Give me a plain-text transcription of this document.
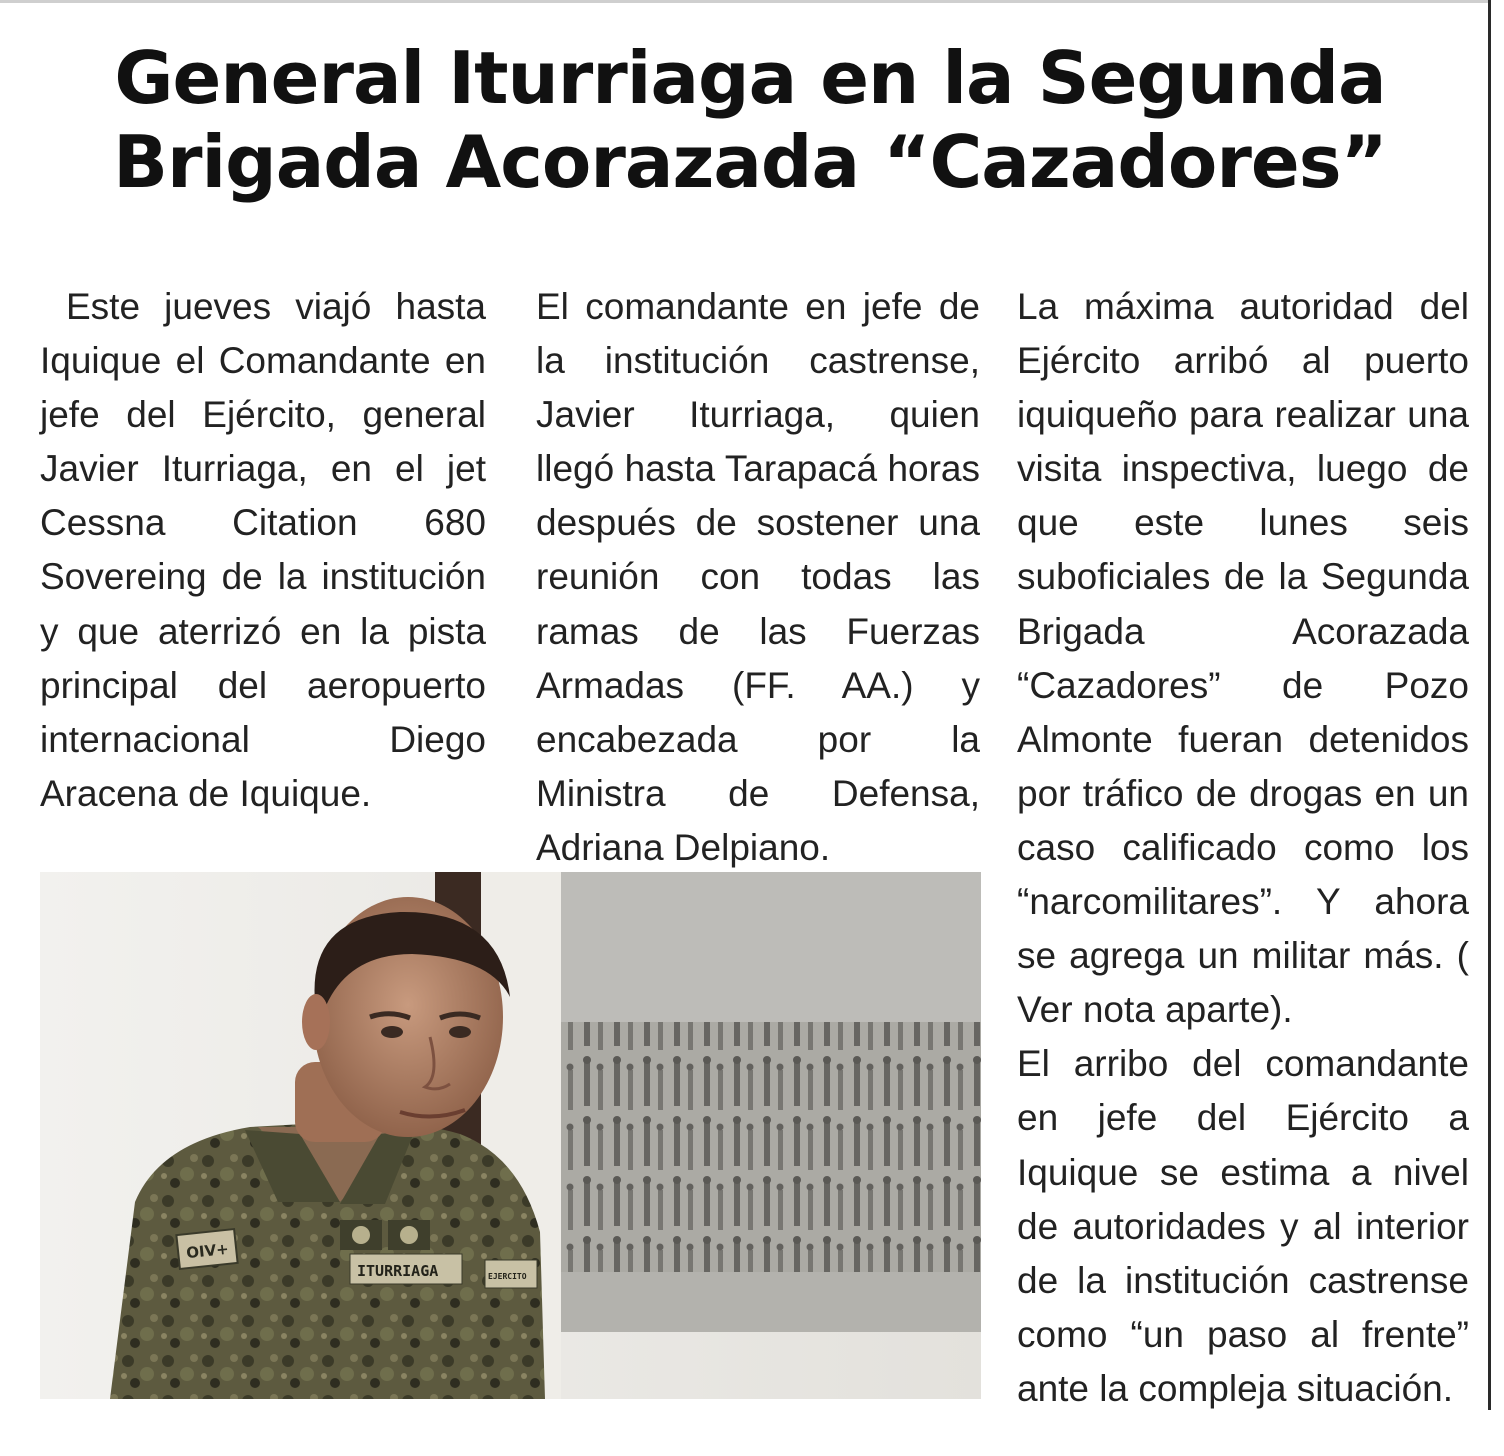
General Iturriaga en la Segunda
Brigada Acorazada “Cazadores”

Este jueves viajó hasta Iquique el Comandante en jefe del Ejército, general Javier Iturriaga, en el jet Cessna Citation 680 Sovereing de la institución y que aterrizó en la pista principal del aeropuerto internacional Diego Aracena de Iquique.

El comandante en jefe de la institución castrense, Javier Iturriaga, quien llegó hasta Tarapacá horas después de sostener una reunión con todas las ramas de las Fuerzas Armadas (FF. AA.) y encabezada por la Ministra de Defensa, Adriana Delpiano.

La máxima autoridad del Ejército arribó al puerto iquiqueño para realizar una visita inspectiva, luego de que este lunes seis suboficiales de la Segunda Brigada Acorazada “Cazadores” de Pozo Almonte fueran detenidos por tráfico de drogas en un caso calificado como los “narcomilitares”. Y ahora se agrega un militar más. ( Ver nota aparte).

El arribo del comandante en jefe del Ejército a Iquique se estima a nivel de autoridades y al interior de la institución castrense como “un paso al frente” ante la compleja situación.

OIV+
ITURRIAGA	EJERCITO
